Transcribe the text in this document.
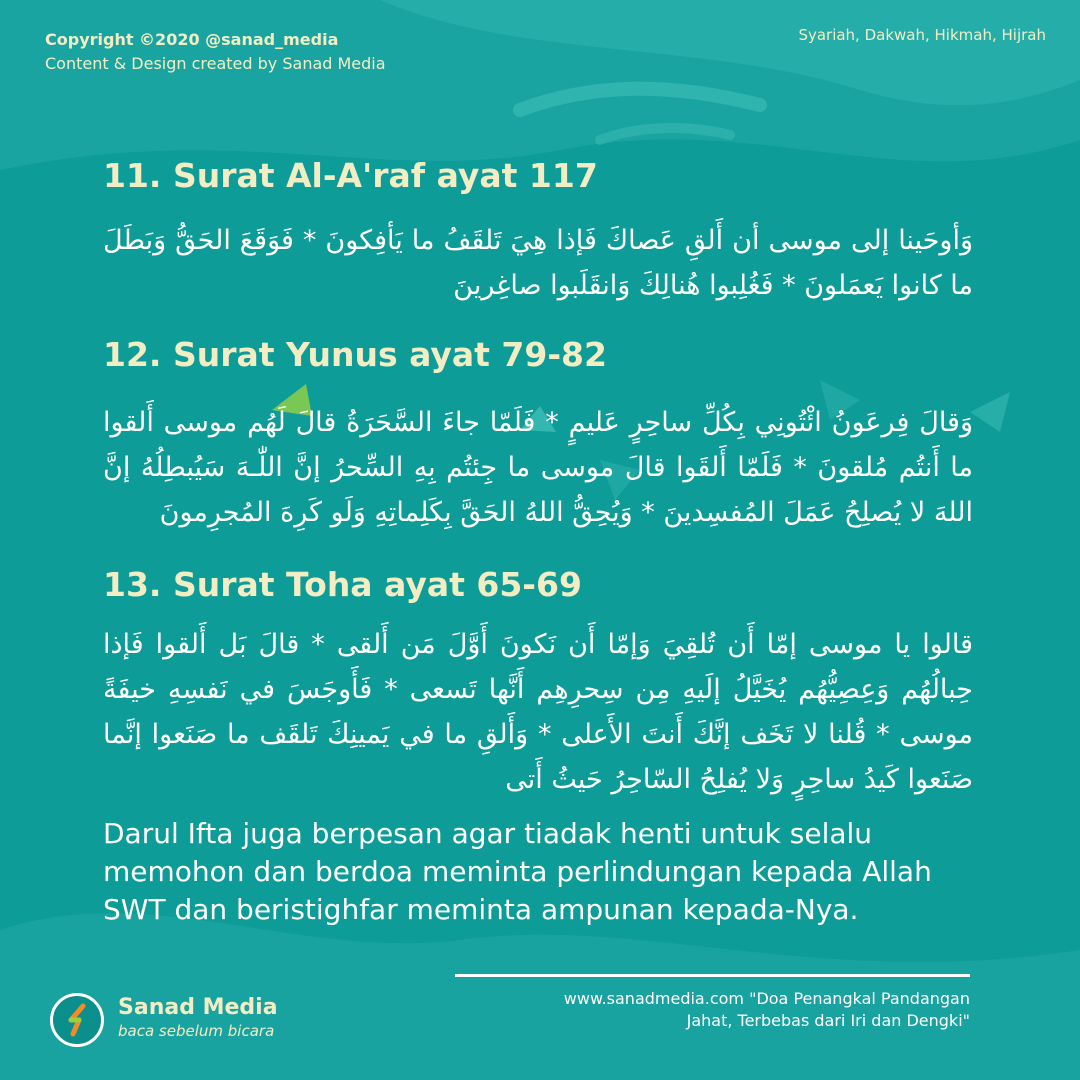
Copyright ©2020 @sanad_media
Content & Design created by Sanad Media
Syariah, Dakwah, Hikmah, Hijrah
11. Surat Al-A'raf ayat 117
وَأوحَينا إلى موسى أن أَلقِ عَصاكَ فَإذا هِيَ تَلقَفُ ما يَأفِكونَ * فَوَقَعَ الحَقُّ وَبَطَلَ ما كانوا يَعمَلونَ * فَغُلِبوا هُنالِكَ وَانقَلَبوا صاغِرينَ
12. Surat Yunus ayat 79-82
وَقالَ فِرعَونُ ائْتُونِي بِكُلِّ ساحِرٍ عَليمٍ * فَلَمّا جاءَ السَّحَرَةُ قالَ لَهُم موسى أَلقوا ما أَنتُم مُلقونَ * فَلَمّا أَلقَوا قالَ موسى ما جِئتُم بِهِ السِّحرُ إنَّ اللّٰـهَ سَيُبطِلُهُ إنَّ اللهَ لا يُصلِحُ عَمَلَ المُفسِدينَ * وَيُحِقُّ اللهُ الحَقَّ بِكَلِماتِهِ وَلَو كَرِهَ المُجرِمونَ
13. Surat Toha ayat 65-69
قالوا يا موسى إمّا أَن تُلقِيَ وَإمّا أَن نَكونَ أَوَّلَ مَن أَلقى * قالَ بَل أَلقوا فَإذا حِبالُهُم وَعِصِيُّهُم يُخَيَّلُ إلَيهِ مِن سِحرِهِم أَنَّها تَسعى * فَأَوجَسَ في نَفسِهِ خيفَةً موسى * قُلنا لا تَخَف إنَّكَ أَنتَ الأَعلى * وَأَلقِ ما في يَمينِكَ تَلقَف ما صَنَعوا إنَّما صَنَعوا كَيدُ ساحِرٍ وَلا يُفلِحُ السّاحِرُ حَيثُ أَتى
Darul Ifta juga berpesan agar tiadak henti untuk selalu memohon dan berdoa meminta perlindungan kepada Allah SWT dan beristighfar meminta ampunan kepada-Nya.
www.sanadmedia.com "Doa Penangkal Pandangan
Jahat, Terbebas dari Iri dan Dengki"
Sanad Media
baca sebelum bicara
